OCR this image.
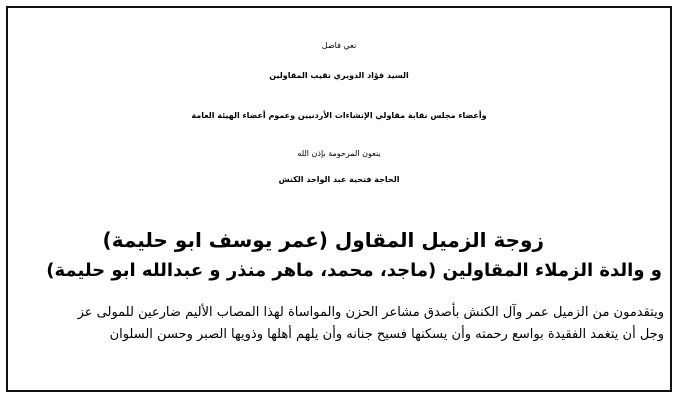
نعي فاضل
السيد فؤاد الدويري نقيب المقاولين
وأعضاء مجلس نقابة مقاولي الإنشاءات الأردنيين وعموم أعضاء الهيئة العامة
ينعون المرحومة بإذن الله
الحاجة فتحية عبد الواحد الكنش
زوجة الزميل المقاول (عمر يوسف ابو حليمة)
و والدة الزملاء المقاولين (ماجد، محمد، ماهر منذر و عبدالله ابو حليمة)
ويتقدمون من الزميل عمر وآل الكنش بأصدق مشاعر الحزن والمواساة لهذا المصاب الأليم ضارعين للمولى عز
وجل أن يتغمد الفقيدة بواسع رحمته وأن يسكنها فسيح جنانه وأن يلهم أهلها وذويها الصبر وحسن السلوان
